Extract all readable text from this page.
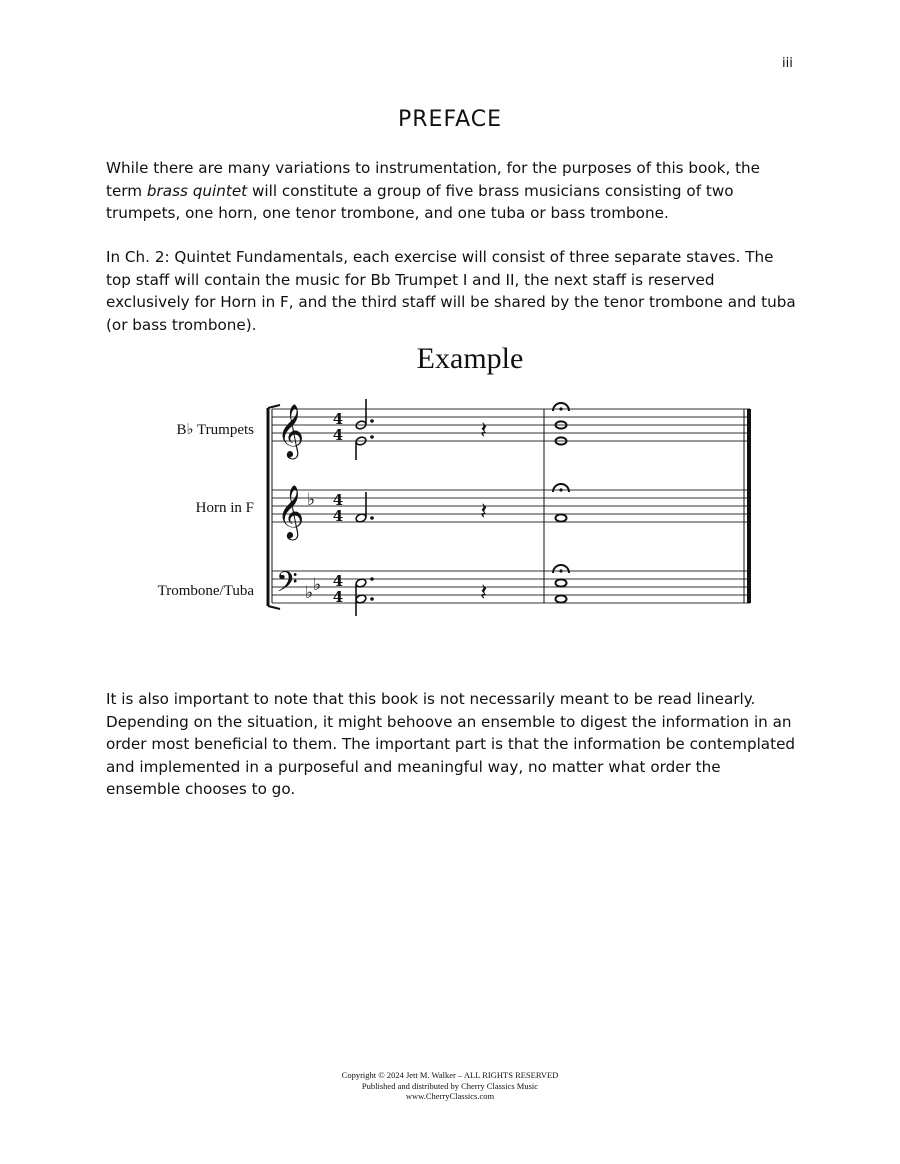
iii
PREFACE

While there are many variations to instrumentation, for the purposes of this book, the term brass quintet will constitute a group of five brass musicians consisting of two trumpets, one horn, one tenor trombone, and one tuba or bass trombone.

In Ch. 2: Quintet Fundamentals, each exercise will consist of three separate staves. The top staff will contain the music for Bb Trumpet I and II, the next staff is reserved exclusively for Horn in F, and the third staff will be shared by the tenor trombone and tuba (or bass trombone).

Example
B♭ Trumpets
Horn in F
Trombone/Tuba
𝄞
𝄞
𝄢
♭
♭ ♭
4
4
4
4
4
4
𝄽
𝄽
𝄽

It is also important to note that this book is not necessarily meant to be read linearly. Depending on the situation, it might behoove an ensemble to digest the information in an order most beneficial to them. The important part is that the information be contemplated and implemented in a purposeful and meaningful way, no matter what order the ensemble chooses to go.

Copyright © 2024 Jett M. Walker – ALL RIGHTS RESERVED
Published and distributed by Cherry Classics Music
www.CherryClassics.com
